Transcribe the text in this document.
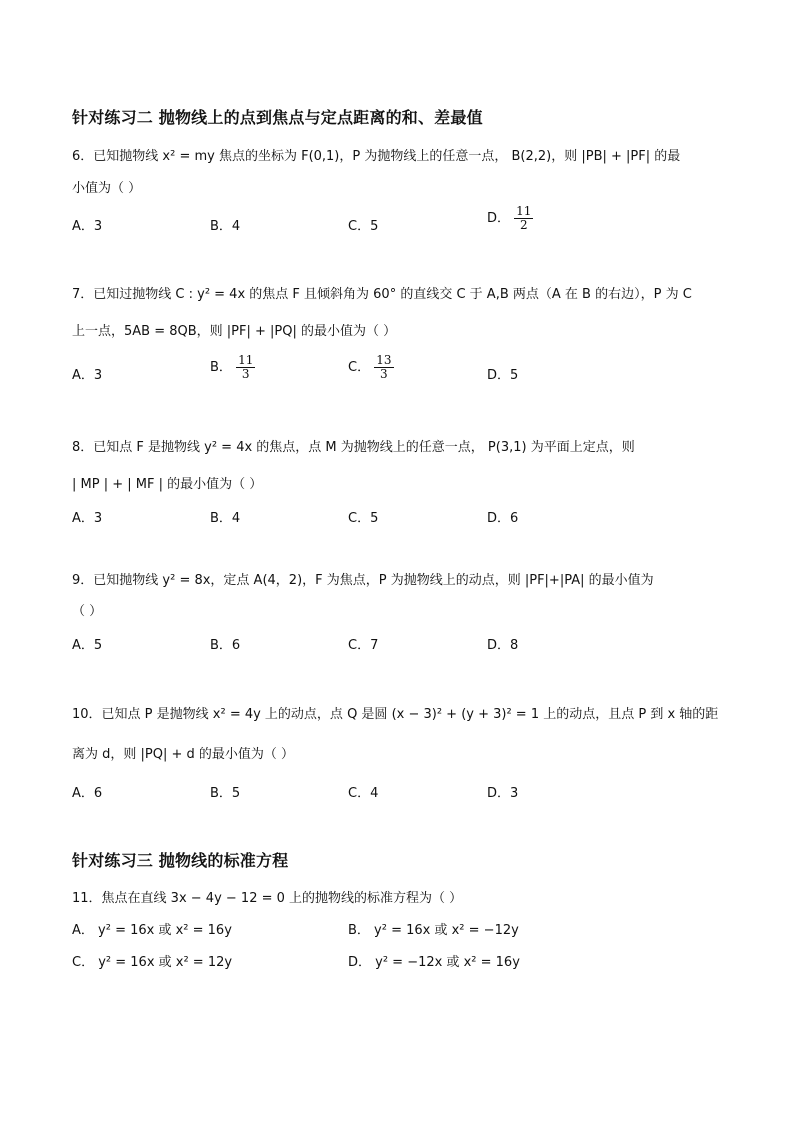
针对练习二 抛物线上的点到焦点与定点距离的和、差最值
6．已知抛物线 x² = my 焦点的坐标为 F(0,1)，P 为抛物线上的任意一点， B(2,2)，则 |PB| + |PF| 的最
小值为（ ）
A．3	B．4	C．5
D． $\frac{11}{2}$
7．已知过抛物线 C : y² = 4x 的焦点 F 且倾斜角为 60° 的直线交 C 于 A,B 两点（A 在 B 的右边），P 为 C
上一点，5AB = 8QB，则 |PF| + |PQ| 的最小值为（ ）
A．3
B． $\frac{11}{3}$	C． $\frac{13}{3}$	D．5
8．已知点 F 是抛物线 y² = 4x 的焦点，点 M 为抛物线上的任意一点， P(3,1) 为平面上定点，则
| MP | + | MF | 的最小值为（ ）
A．3	B．4	C．5	D．6
9．已知抛物线 y² = 8x，定点 A(4，2)，F 为焦点，P 为抛物线上的动点，则 |PF|+|PA| 的最小值为
（ ）
A．5	B．6	C．7	D．8
10．已知点 P 是抛物线 x² = 4y 上的动点，点 Q 是圆 (x − 3)² + (y + 3)² = 1 上的动点，且点 P 到 x 轴的距
离为 d，则 |PQ| + d 的最小值为（ ）
A．6	B．5	C．4	D．3
针对练习三 抛物线的标准方程
11．焦点在直线 3x − 4y − 12 = 0 上的抛物线的标准方程为（ ）
A． y² = 16x 或 x² = 16y	B． y² = 16x 或 x² = −12y
C． y² = 16x 或 x² = 12y	D． y² = −12x 或 x² = 16y
